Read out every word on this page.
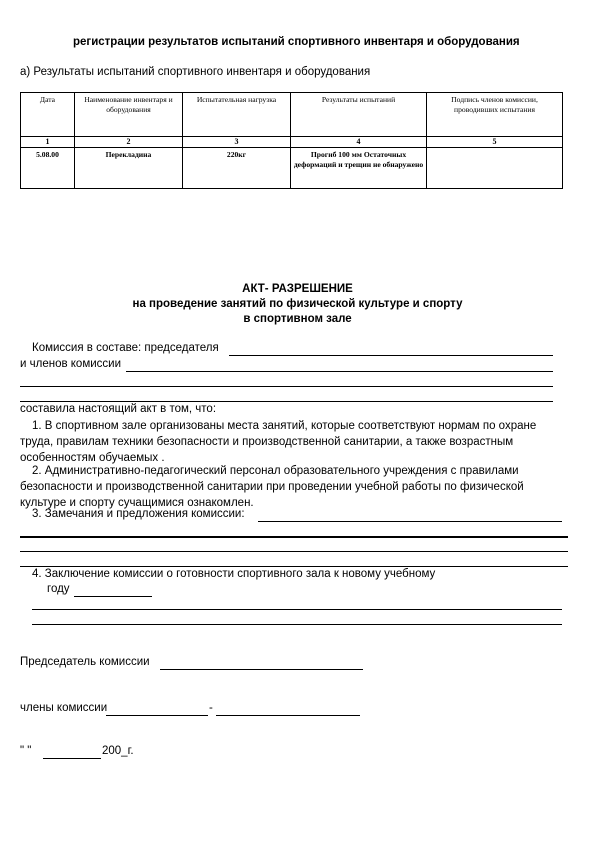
регистрации результатов испытаний спортивного инвентаря и оборудования
а) Результаты испытаний спортивного инвентаря и оборудования
Дата	Наименование инвентаря и оборудования	Испытательная нагрузка	Результаты испытаний	Подпись членов комиссии, проводивших испытания
1	2	3	4	5
5.08.00	Перекладина	220кг	Прогиб 100 мм Остаточных деформаций и трещин не обнаружено	
АКТ- РАЗРЕШЕНИЕ
на проведение занятий по физической культуре и спорту
в спортивном зале
Комиссия в составе: председателя
и членов комиссии
составила настоящий акт в том, что:
1. В спортивном зале организованы места занятий, которые соответствуют нормам по охране труда, правилам техники безопасности и производственной санитарии, а также возрастным особенностям обучаемых .
2. Административно-педагогический персонал образовательного учреждения с правилами безопасности и производственной санитарии при проведении учебной работы по физической культуре и спорту сучащимися ознакомлен.
3. Замечания и предложения комиссии:
4. Заключение комиссии о готовности спортивного зала к новому учебному
году
Председатель комиссии
члены комиссии	-
" "	200_г.
